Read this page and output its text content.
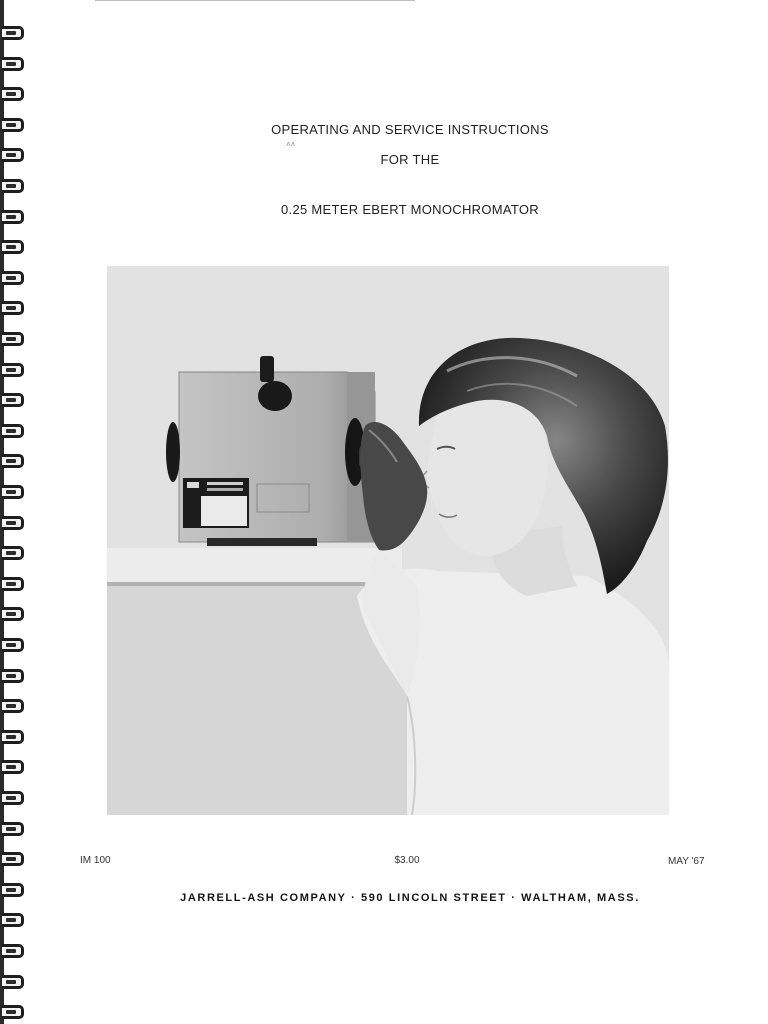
OPERATING AND SERVICE INSTRUCTIONS
˄˄
FOR THE
0.25 METER EBERT MONOCHROMATOR
IM 100	$3.00	MAY '67
JARRELL-ASH COMPANY · 590 LINCOLN STREET · WALTHAM, MASS.
